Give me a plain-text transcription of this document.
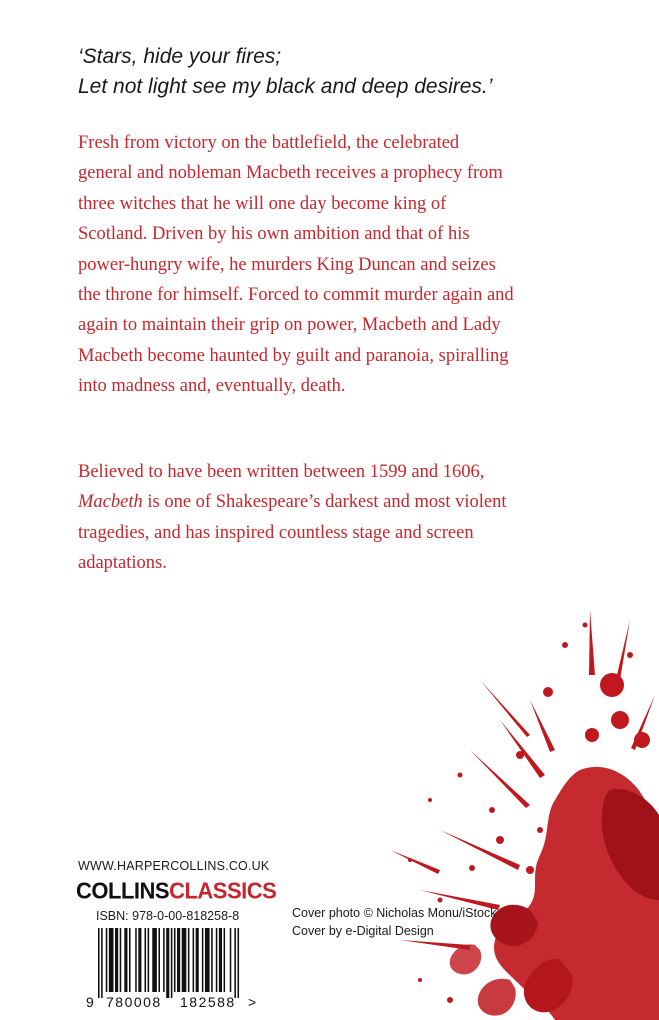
‘Stars, hide your fires;

Let not light see my black and deep desires.’

Fresh from victory on the battlefield, the celebrated general and nobleman Macbeth receives a prophecy from three witches that he will one day become king of Scotland. Driven by his own ambition and that of his power-hungry wife, he murders King Duncan and seizes the throne for himself. Forced to commit murder again and again to maintain their grip on power, Macbeth and Lady Macbeth become haunted by guilt and paranoia, spiralling into madness and, eventually, death.

Believed to have been written between 1599 and 1606, Macbeth is one of Shakespeare’s darkest and most violent tragedies, and has inspired countless stage and screen adaptations.

WWW.HARPERCOLLINS.CO.UK
COLLINSCLASSICS
ISBN: 978-0-00-818258-8
9 780008 182588 >
Cover photo © Nicholas Monu/iStock
Cover by e-Digital Design
